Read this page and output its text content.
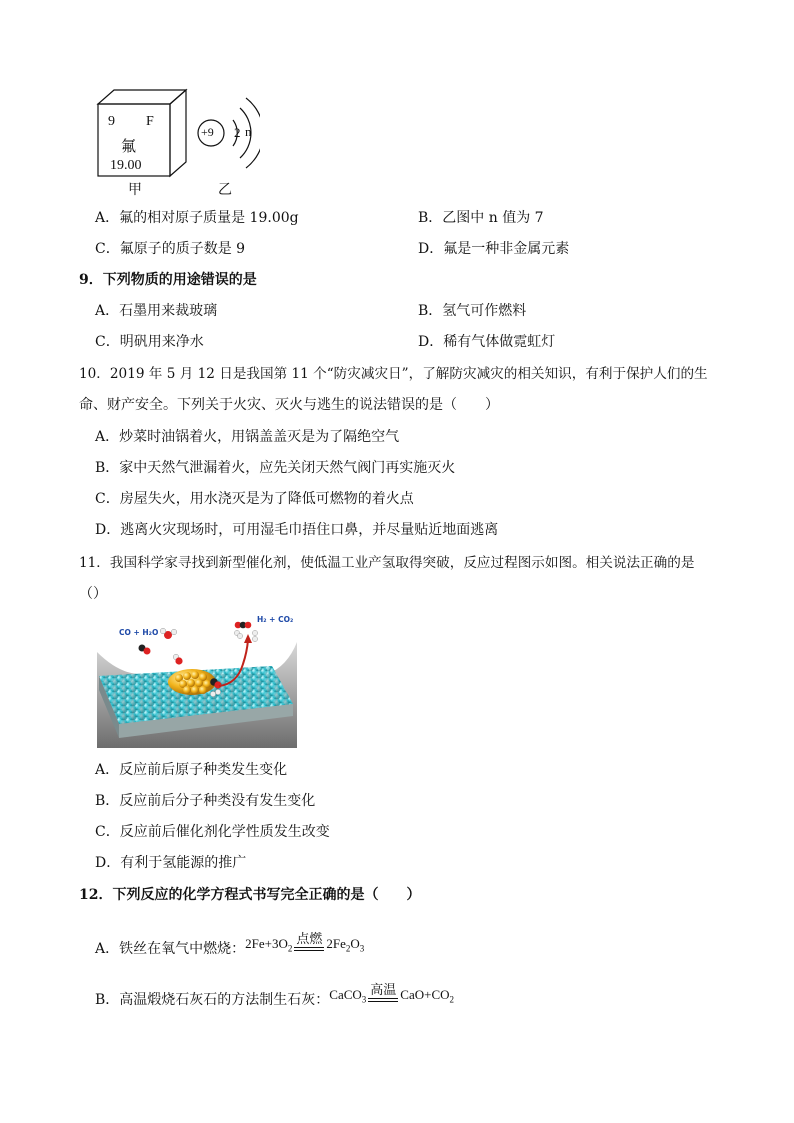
9 F
氟
19.00
+9 2 n
甲	乙
A．氟的相对原子质量是 19.00g	B．乙图中 n 值为 7
C．氟原子的质子数是 9	D．氟是一种非金属元素
9．下列物质的用途错误的是
A．石墨用来裁玻璃	B．氢气可作燃料
C．明矾用来净水	D．稀有气体做霓虹灯
10．2019 年 5 月 12 日是我国第 11 个“防灾减灾日”，了解防灾减灾的相关知识，有利于保护人们的生
命、财产安全。下列关于火灾、灭火与逃生的说法错误的是（　　）
A．炒菜时油锅着火，用锅盖盖灭是为了隔绝空气
B．家中天然气泄漏着火，应先关闭天然气阀门再实施灭火
C．房屋失火，用水浇灭是为了降低可燃物的着火点
D．逃离火灾现场时，可用湿毛巾捂住口鼻，并尽量贴近地面逃离
11．我国科学家寻找到新型催化剂，使低温工业产氢取得突破，反应过程图示如图。相关说法正确的是
（）
CO + H₂O
H₂ + CO₂
A．反应前后原子种类发生变化
B．反应前后分子种类没有发生变化
C．反应前后催化剂化学性质发生改变
D．有利于氢能源的推广
12．下列反应的化学方程式书写完全正确的是（　　）
A．铁丝在氧气中燃烧： $2Fe+3O_2$
点燃 $2Fe_2O_3$
B．高温煅烧石灰石的方法制生石灰： CaCO$_3$
高温 $CaO+CO_2$
